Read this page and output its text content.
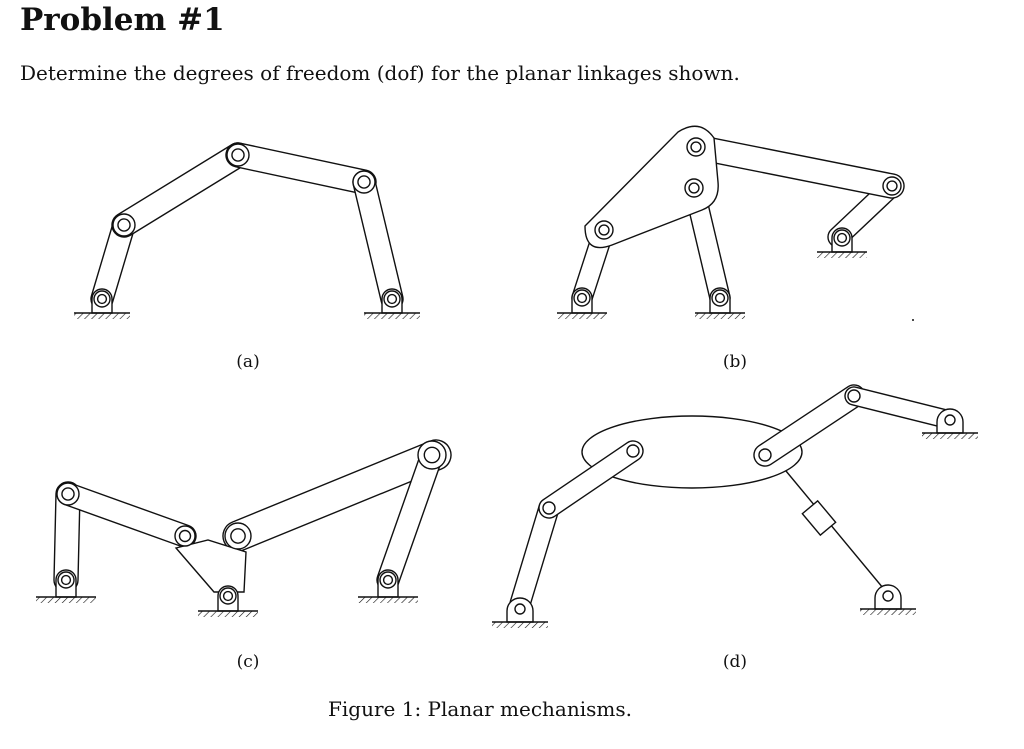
Problem #1
Determine the degrees of freedom (dof) for the planar linkages shown.
(a)	(b)
(c)	(d)
Figure 1: Planar mechanisms.
